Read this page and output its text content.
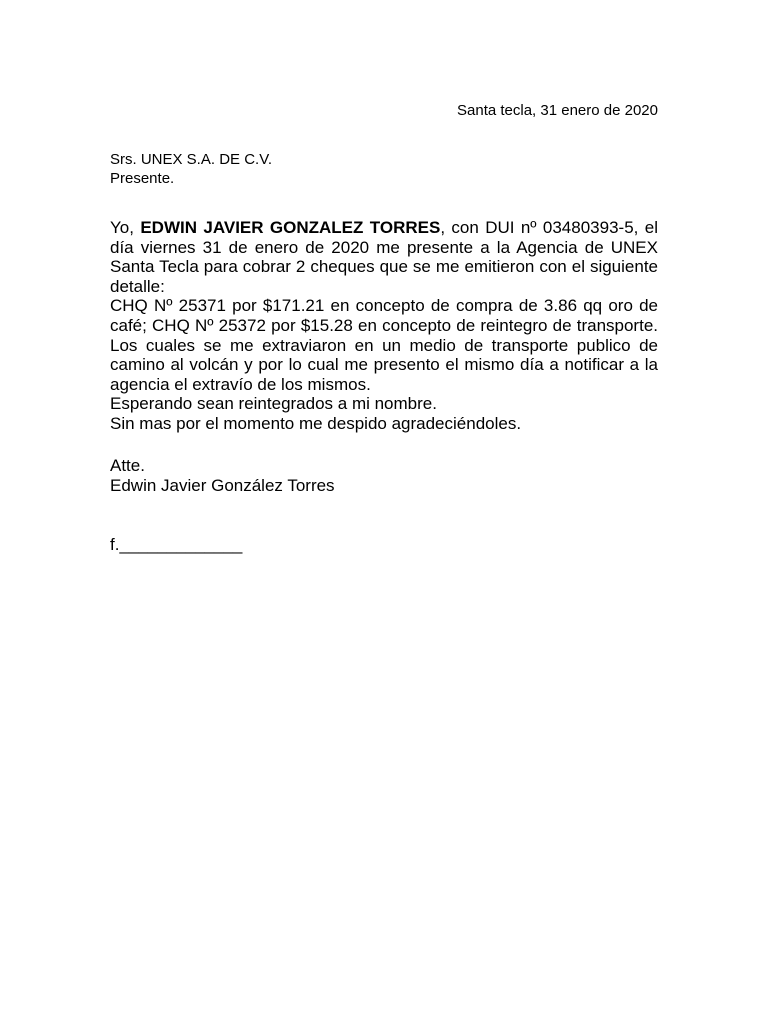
Santa tecla, 31 enero de 2020
Srs. UNEX S.A. DE C.V.
Presente.

Yo, EDWIN JAVIER GONZALEZ TORRES, con DUI nº 03480393-5, el día viernes 31 de enero de 2020 me presente a la Agencia de UNEX Santa Tecla para cobrar 2 cheques que se me emitieron con el siguiente detalle:

CHQ Nº 25371 por $171.21 en concepto de compra de 3.86 qq oro de café; CHQ Nº 25372 por $15.28 en concepto de reintegro de transporte. Los cuales se me extraviaron en un medio de transporte publico de camino al volcán y por lo cual me presento el mismo día a notificar a la agencia el extravío de los mismos.

Esperando sean reintegrados a mi nombre.

Sin mas por el momento me despido agradeciéndoles.

Atte.
Edwin Javier González Torres
f._____________
